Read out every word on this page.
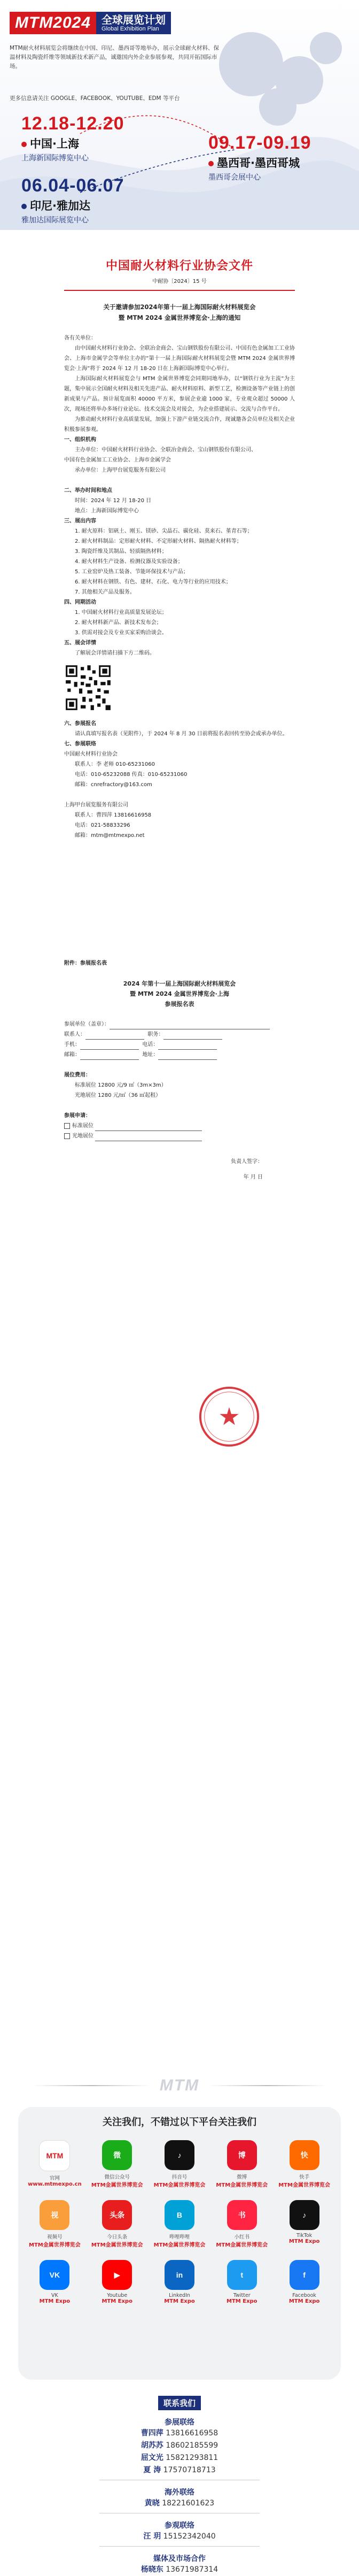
MTM2024	全球展览计划
Global Exhibition Plan
MTM耐火材料展览会将继续在中国、印尼、墨西哥等地举办，展示全球耐火材料、保温材料及陶瓷纤维等领域新技术新产品，诚邀国内外企业参展参观，共同开拓国际市场。
更多信息请关注 GOOGLE、FACEBOOK、YOUTUBE、EDM 等平台
12.18-12.20
中国·上海
上海新国际博览中心
09.17-09.19
墨西哥·墨西哥城
墨西哥会展中心
06.04-06.07
印尼·雅加达
雅加达国际展览中心
中国耐火材料行业协会文件
中耐协〔2024〕15 号
关于邀请参加2024年第十一届上海国际耐火材料展览会
暨 MTM 2024 金属世界博览会·上海的通知

各有关单位：

由中国耐火材料行业协会、全联冶金商会、宝山钢铁股份有限公司、中国有色金属加工工业协会、上海市金属学会等单位主办的“第十一届上海国际耐火材料展览会暨 MTM 2024 金属世界博览会·上海”将于 2024 年 12 月 18-20 日在上海新国际博览中心举行。

上海国际耐火材料展览会与 MTM 金属世界博览会同期同地举办，以“钢铁行业为主流”为主题，集中展示全国耐火材料及相关先进产品、耐火材料原料、新型工艺，检测设备等产业链上的创新成果与产品。预计展览面积 40000 平方米，参展企业逾 1000 家，专业观众超过 50000 人次，现场还将举办多场行业论坛、技术交流会及对接会，为企业搭建展示、交流与合作平台。

为推动耐火材料行业高质量发展，加强上下游产业链交流合作，现诚邀各会员单位及相关企业积极参展参观。

一、组织机构

主办单位：中国耐火材料行业协会、全联冶金商会、宝山钢铁股份有限公司、

中国有色金属加工工业协会、上海市金属学会

承办单位：上海甲台展览服务有限公司

二、举办时间和地点

时间：2024 年 12 月 18-20 日

地点：上海新国际博览中心

三、展出内容

1. 耐火原料：铝矾土、刚玉、镁砂、尖晶石、碳化硅、莫来石、堇青石等；

2. 耐火材料制品：定形耐火材料、不定形耐火材料、隔热耐火材料等；

3. 陶瓷纤维及其制品、轻质隔热材料；

4. 耐火材料生产设备、检测仪器及实验设备；

5. 工业窑炉及热工装备、节能环保技术与产品；

6. 耐火材料在钢铁、有色、建材、石化、电力等行业的应用技术；

7. 其他相关产品及服务。

四、同期活动

1. 中国耐火材料行业高质量发展论坛；

2. 耐火材料新产品、新技术发布会；

3. 供需对接会及专业买家采购洽谈会。

五、展会详情

了解展会详情请扫描下方二维码。

六、参展报名

请认真填写报名表（见附件），于 2024 年 8 月 30 日前将报名表回传至协会或承办单位。

七、参展联络

中国耐火材料行业协会

联系人：李 老师 010-65231060

电话：010-65232088 传真：010-65231060

邮箱：cnrefractory@163.com

上海甲台展览服务有限公司

联系人：曹四萍 13816616958

电话：021-58833296

邮箱：mtm@mtmexpo.net

附件：参展报名表

2024 年第十一届上海国际耐火材料展览会
暨 MTM 2024 金属世界博览会·上海
参展报名表

参展单位（盖章）：

联系人：	职务：

手机：	电话：

邮箱：	地址：

展位费用：

标准展位 12800 元/9 ㎡（3m×3m）

光地展位 1280 元/㎡（36 ㎡起租）

参展申请：

标准展位

光地展位

负责人签字：

年 月 日

MTM
关注我们，不错过以下平台关注我们
MTM
官网
www.mtmexpo.cn
微
微信公众号
MTM金属世界博览会
♪
抖音号
MTM金属世界博览会
博
微博
MTM金属世界博览会
快
快手
MTM金属世界博览会
视
视频号
MTM金属世界博览会
头条
今日头条
MTM金属世界博览会
B
哔哩哔哩
MTM金属世界博览会
书
小红书
MTM金属世界博览会
♪
TikTok
MTM Expo
VK
VK
MTM Expo
▶
Youtube
MTM Expo
in
LinkedIn
MTM Expo
t
Twitter
MTM Expo
f
Facebook
MTM Expo
联系我们
参展联络
曹四萍 13816616958
胡苏苏 18602185599
屈文光 15821293811
夏 涛 17570718713
海外联络
黄晓 18221601623
参观联络
汪 玥 15152342040
媒体及市场合作
杨晓东 13671987314
